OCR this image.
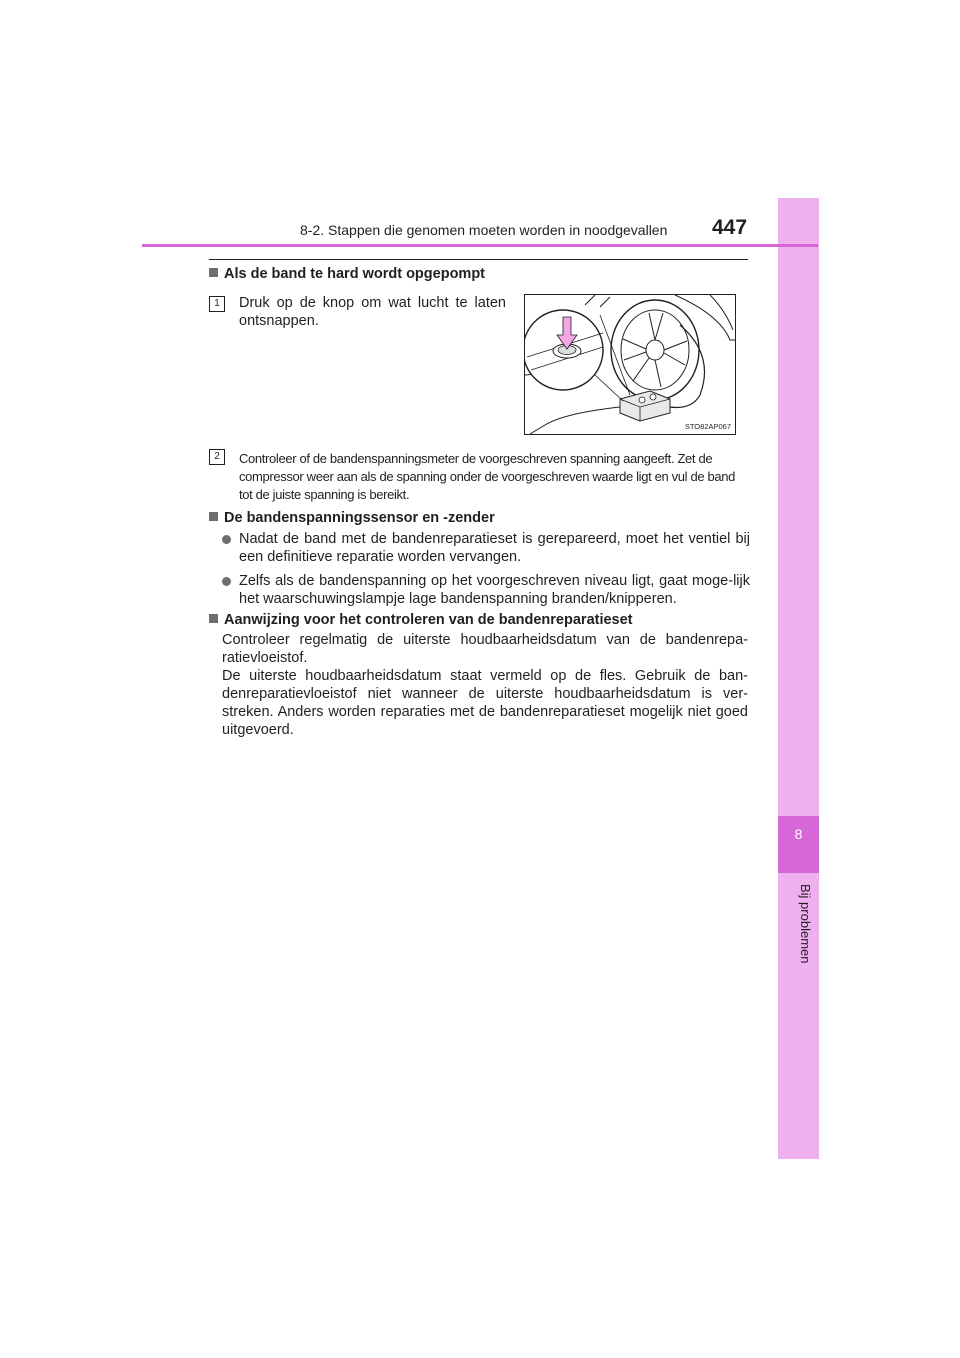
8
Bij problemen
8-2. Stappen die genomen moeten worden in noodgevallen 447
Als de band te hard wordt opgepompt
1	Druk op de knop om wat lucht te laten ontsnappen.
STO82AP067
2	Controleer of de bandenspanningsmeter de voorgeschreven spanning aangeeft. Zet de compressor weer aan als de spanning onder de voorgeschreven waarde ligt en vul de band tot de juiste spanning is bereikt.
De bandenspanningssensor en -zender
Nadat de band met de bandenreparatieset is gerepareerd, moet het ventiel bij een definitieve reparatie worden vervangen.
Zelfs als de bandenspanning op het voorgeschreven niveau ligt, gaat moge-lijk het waarschuwingslampje lage bandenspanning branden/knipperen.
Aanwijzing voor het controleren van de bandenreparatieset
Controleer regelmatig de uiterste houdbaarheidsdatum van de bandenrepa-ratievloeistof.
De uiterste houdbaarheidsdatum staat vermeld op de fles. Gebruik de ban-denreparatievloeistof niet wanneer de uiterste houdbaarheidsdatum is ver-streken. Anders worden reparaties met de bandenreparatieset mogelijk niet goed uitgevoerd.
